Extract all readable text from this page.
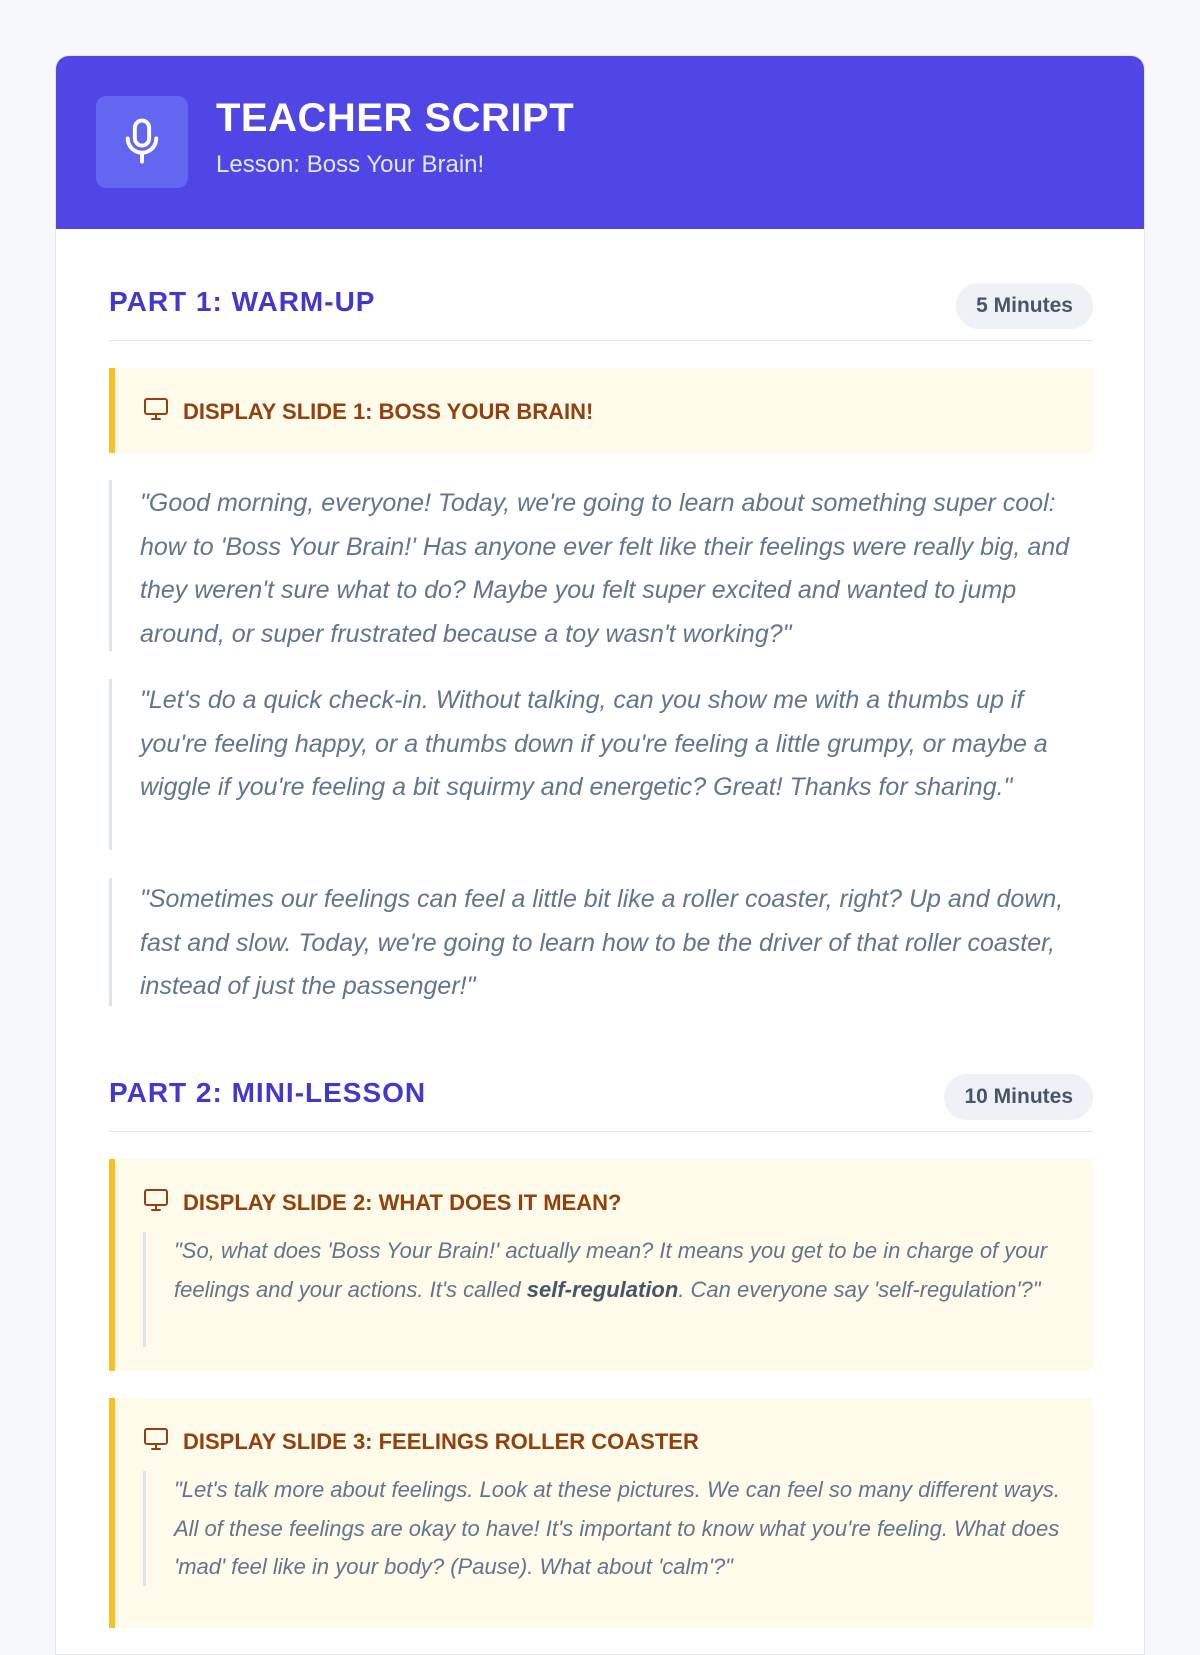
TEACHER SCRIPT
Lesson: Boss Your Brain!
PART 1: WARM-UP	5 Minutes
DISPLAY SLIDE 1: BOSS YOUR BRAIN!
"Good morning, everyone! Today, we're going to learn about something super cool: how to 'Boss Your Brain!' Has anyone ever felt like their feelings were really big, and they weren't sure what to do? Maybe you felt super excited and wanted to jump around, or super frustrated because a toy wasn't working?"
"Let's do a quick check-in. Without talking, can you show me with a thumbs up if you're feeling happy, or a thumbs down if you're feeling a little grumpy, or maybe a wiggle if you're feeling a bit squirmy and energetic? Great! Thanks for sharing."
"Sometimes our feelings can feel a little bit like a roller coaster, right? Up and down, fast and slow. Today, we're going to learn how to be the driver of that roller coaster, instead of just the passenger!"
PART 2: MINI-LESSON	10 Minutes
DISPLAY SLIDE 2: WHAT DOES IT MEAN?
"So, what does 'Boss Your Brain!' actually mean? It means you get to be in charge of your feelings and your actions. It's called self-regulation. Can everyone say 'self-regulation'?"
DISPLAY SLIDE 3: FEELINGS ROLLER COASTER
"Let's talk more about feelings. Look at these pictures. We can feel so many different ways. All of these feelings are okay to have! It's important to know what you're feeling. What does 'mad' feel like in your body? (Pause). What about 'calm'?"
